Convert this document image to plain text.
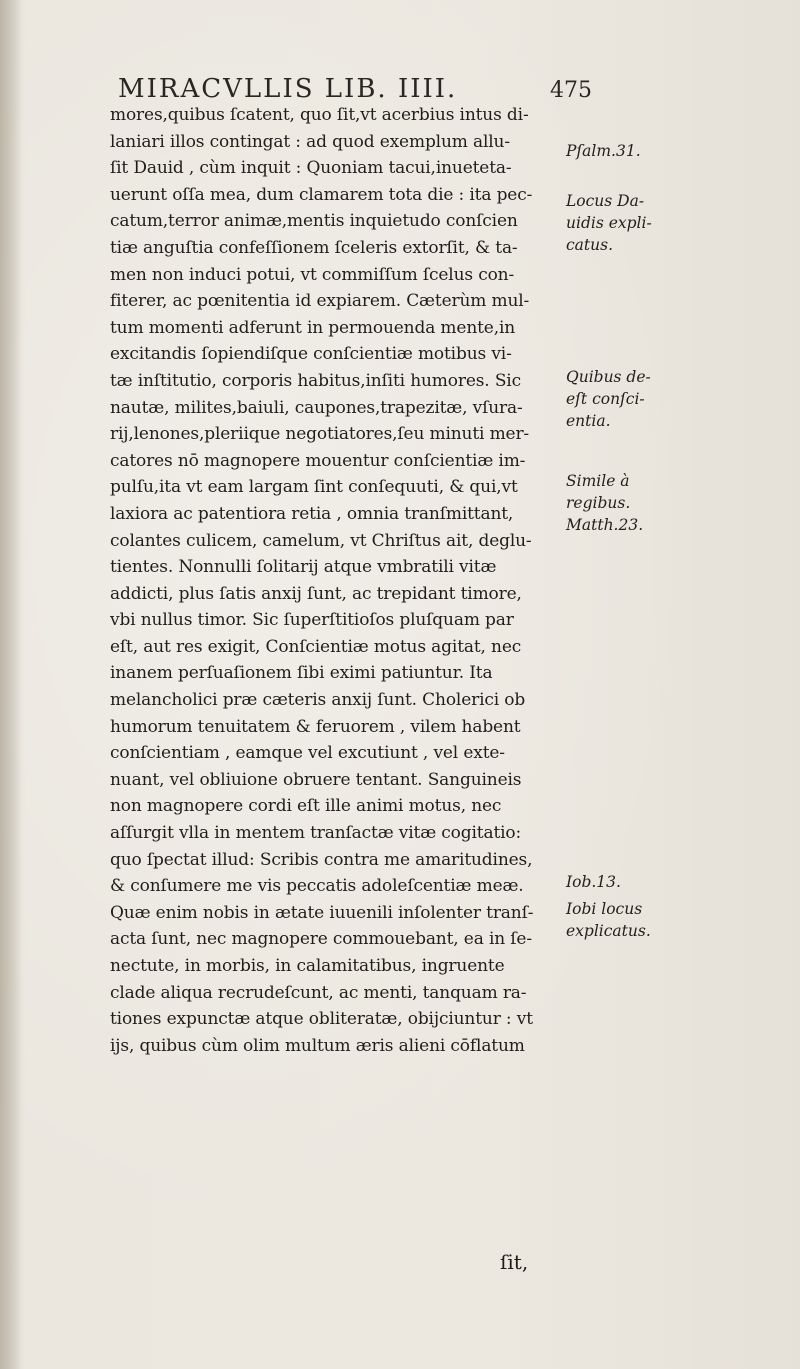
MIRACVLLIS LIB. IIII.	475
mores,quibus ſcatent, quo ſit,vt acerbius intus di-
laniari illos contingat : ad quod exemplum allu-
ſit Dauid , cùm inquit : Quoniam tacui,inueteta-
uerunt oſſa mea, dum clamarem tota die : ita pec-
catum,terror animæ,mentis inquietudo conſcien
tiæ anguſtia confeſſionem ſceleris extorſit, & ta-
men non induci potui, vt commiſſum ſcelus con-
fiterer, ac pœnitentia id expiarem. Cæterùm mul-
tum momenti adferunt in permouenda mente,in
excitandis ſopiendiſque conſcientiæ motibus vi-
tæ inſtitutio, corporis habitus,inſiti humores. Sic
nautæ, milites,baiuli, caupones,trapezitæ, vſura-
rij,lenones,pleriique negotiatores,ſeu minuti mer-
catores nō magnopere mouentur conſcientiæ im-
pulſu,ita vt eam largam ſint conſequuti, & qui,vt
laxiora ac patentiora retia , omnia tranſmittant,
colantes culicem, camelum, vt Chriſtus ait, deglu-
tientes. Nonnulli ſolitarij atque vmbratili vitæ
addicti, plus ſatis anxij ſunt, ac trepidant timore,
vbi nullus timor. Sic ſuperſtitioſos pluſquam par
eſt, aut res exigit, Conſcientiæ motus agitat, nec
inanem perſuaſionem ſibi eximi patiuntur. Ita
melancholici præ cæteris anxij ſunt. Cholerici ob
humorum tenuitatem & feruorem , vilem habent
conſcientiam , eamque vel excutiunt , vel exte-
nuant, vel obliuione obruere tentant. Sanguineis
non magnopere cordi eſt ille animi motus, nec
aſſurgit vlla in mentem tranſactæ vitæ cogitatio:
quo ſpectat illud: Scribis contra me amaritudines,
& conſumere me vis peccatis adoleſcentiæ meæ.
Quæ enim nobis in ætate iuuenili inſolenter tranſ-
acta ſunt, nec magnopere commouebant, ea in ſe-
nectute, in morbis, in calamitatibus, ingruente
clade aliqua recrudeſcunt, ac menti, tanquam ra-
tiones expunctæ atque obliteratæ, obijciuntur : vt
ijs, quibus cùm olim multum æris alieni cōflatum
ſit,
Pſalm.31.
Locus Da-
uidis expli-
catus.
Quibus de-
eſt conſci-
entia.
Simile à
regibus.
Matth.23.
Iob.13.
Iobi locus
explicatus.
